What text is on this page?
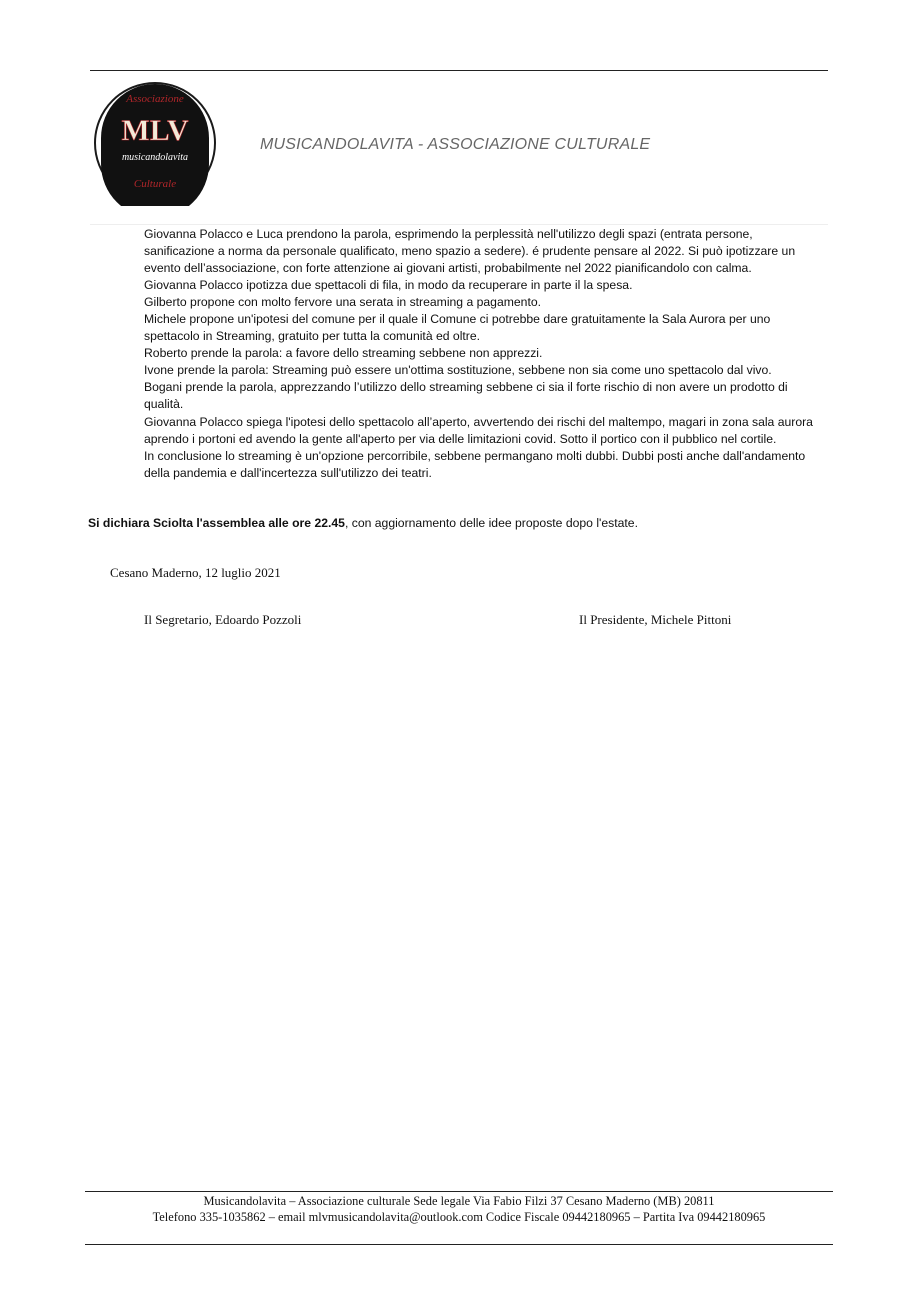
Associazione
MLV
musicandolavita
Culturale
MUSICANDOLAVITA - ASSOCIAZIONE CULTURALE

Giovanna Polacco e Luca prendono la parola, esprimendo la perplessità nell'utilizzo degli spazi (entrata persone, sanificazione a norma da personale qualificato, meno spazio a sedere). é prudente pensare al 2022. Si può ipotizzare un evento dell’associazione, con forte attenzione ai giovani artisti, probabilmente nel 2022 pianificandolo con calma.

Giovanna Polacco ipotizza due spettacoli di fila, in modo da recuperare in parte il la spesa.

Gilberto propone con molto fervore una serata in streaming a pagamento.

Michele propone un'ipotesi del comune per il quale il Comune ci potrebbe dare gratuitamente la Sala Aurora per uno spettacolo in Streaming, gratuito per tutta la comunità ed oltre.

Roberto prende la parola: a favore dello streaming sebbene non apprezzi.

Ivone prende la parola: Streaming può essere un'ottima sostituzione, sebbene non sia come uno spettacolo dal vivo.

Bogani prende la parola, apprezzando l’utilizzo dello streaming sebbene ci sia il forte rischio di non avere un prodotto di qualità.

Giovanna Polacco spiega l'ipotesi dello spettacolo all’aperto, avvertendo dei rischi del maltempo, magari in zona sala aurora aprendo i portoni ed avendo la gente all'aperto per via delle limitazioni covid. Sotto il portico con il pubblico nel cortile.

In conclusione lo streaming è un'opzione percorribile, sebbene permangano molti dubbi. Dubbi posti anche dall'andamento della pandemia e dall'incertezza sull'utilizzo dei teatri.

Si dichiara Sciolta l'assemblea alle ore 22.45, con aggiornamento delle idee proposte dopo l'estate.

Cesano Maderno, 12 luglio 2021
Il Segretario, Edoardo Pozzoli	Il Presidente, Michele Pittoni
Musicandolavita – Associazione culturale Sede legale Via Fabio Filzi 37 Cesano Maderno (MB) 20811
Telefono 335-1035862 – email mlvmusicandolavita@outlook.com Codice Fiscale 09442180965 – Partita Iva 09442180965
